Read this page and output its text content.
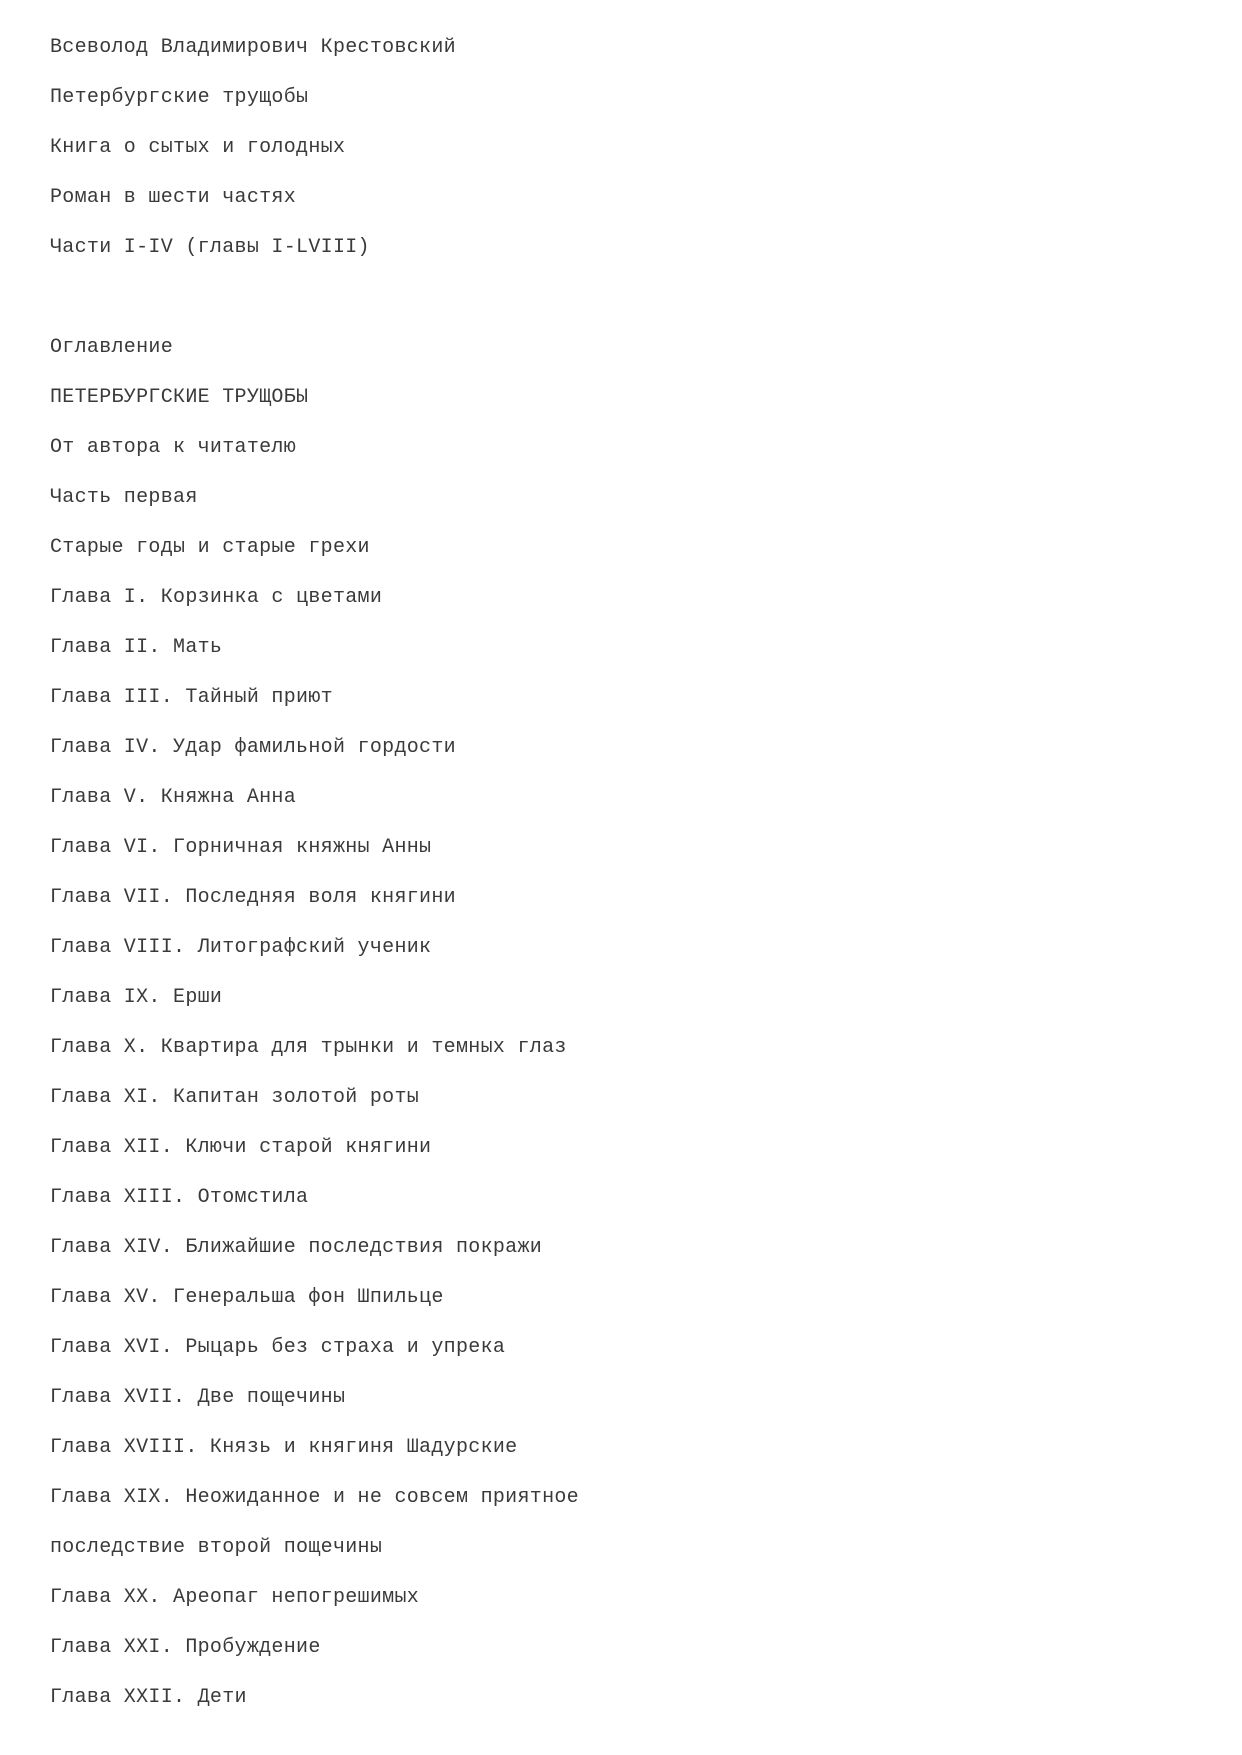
Всеволод Владимирович Крестовский
Петербургские трущобы
Книга о сытых и голодных
Роман в шести частях
Части I-IV (главы I-LVIII)
Оглавление
ПЕТЕРБУРГСКИЕ ТРУЩОБЫ
От автора к читателю
Часть первая
Старые годы и старые грехи
Глава I. Корзинка с цветами
Глава II. Мать
Глава III. Тайный приют
Глава IV. Удар фамильной гордости
Глава V. Княжна Анна
Глава VI. Горничная княжны Анны
Глава VII. Последняя воля княгини
Глава VIII. Литографский ученик
Глава IX. Ерши
Глава X. Квартира для трынки и темных глаз
Глава XI. Капитан золотой роты
Глава XII. Ключи старой княгини
Глава XIII. Отомстила
Глава XIV. Ближайшие последствия покражи
Глава XV. Генеральша фон Шпильце
Глава XVI. Рыцарь без страха и упрека
Глава XVII. Две пощечины
Глава XVIII. Князь и княгиня Шадурские
Глава XIX. Неожиданное и не совсем приятное
последствие второй пощечины
Глава XX. Ареопаг непогрешимых
Глава XXI. Пробуждение
Глава XXII. Дети
